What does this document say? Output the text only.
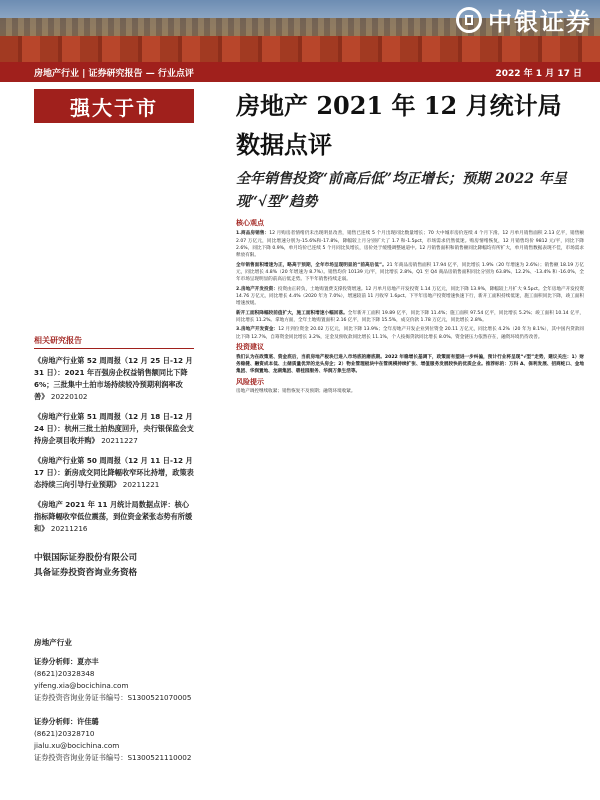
中银证券
房地产行业 | 证券研究报告 — 行业点评	2022 年 1 月 17 日
强大于市	房地产 2021 年 12 月统计局数据点评
全年销售投资“前高后低”均正增长；预期 2022 年呈现“√型”趋势
相关研究报告
《房地产行业第 52 周周报（12 月 25 日-12 月 31 日）：2021 年百强房企权益销售额同比下降 6%；三批集中土拍市场持续较冷预期利润率改善》 20220102
《房地产行业第 51 周周报（12 月 18 日-12 月 24 日）：杭州三批土拍热度回升，央行银保监会支持房企项目收并购》 20211227
《房地产行业第 50 周周报（12 月 11 日-12 月 17 日）：新房成交同比降幅收窄环比持增，政策表态持续三向引导行业预期》 20211221
《房地产 2021 年 11 月统计局数据点评：核心指标降幅收窄低位震荡，到位资金紧张态势有所缓和》 20211216
中银国际证券股份有限公司
具备证券投资咨询业务资格
房地产行业
证券分析师：夏亦丰
(8621)20328348
yifeng.xia@bocichina.com
证券投资咨询业务证书编号：S1300521070005
证券分析师：许佳璐
(8621)20328710
jialu.xu@bocichina.com
证券投资咨询业务证书编号：S1300521110002
核心观点

1.商品房销售：12 月购房者情绪仍未出现明显改善，销售已连续 5 个月出现同比数量增长；70 大中城市房价连续 4 个月下滑。12 月单月销售面积 2.13 亿平，销售额 2.07 万亿元，同比增速分别为-15.6%和-17.8%，降幅较上月分别扩大了 1.7 和-1.5pct，市场需求仍然低迷。购房情绪恢复，12 月销售均价 9812 元/平，同比下降 2.6%，同比下降 0.9%，单月均价已连续 5 个月同比负增长，房价处于缓慢调整通道中。12 月销售面积和销售额同比降幅均有所扩大，单月销售数据表现不佳，市场需求释放有限。

全年销售面积增速为正，略高于预期，全年市场呈现明显的“前高后低”。21 年商品房销售面积 17.94 亿平，同比增长 1.9%（20 年增速为 2.6%）；销售额 18.19 万亿元，同比增长 4.8%（20 年增速为 8.7%）。销售均价 10139 元/平，同比增长 2.8%。Q1 至 Q4 商品房销售面积同比分别为 63.8%、12.2%、-13.4% 和 -16.0%，全年市场呈现明显的前高后低走势。下半年销售持续走弱。

2.房地产开发投资：投资由正转负，土地购置费支撑投资增速。12 月单月房地产开发投资 1.14 万亿元，同比下降 13.9%，降幅较上月扩大 9.5pct。全年房地产开发投资 14.76 万亿元，同比增长 4.4%（2020 年为 7.0%），增速较前 11 月收窄 1.6pct。下半年房地产投资增速快速下行，新开工面积持续低迷，施工面积同比下降，竣工面积增速放缓。

新开工面积降幅较前值扩大，施工面积增速小幅回落。全年新开工面积 19.89 亿平，同比下降 11.4%；施工面积 97.54 亿平，同比增长 5.2%；竣工面积 10.14 亿平，同比增长 11.2%。拿地方面，全年土地购置面积 2.16 亿平，同比下降 15.5%，成交价款 1.78 万亿元，同比增长 2.8%。

3.房地产开发资金：12 月到位资金 20.02 万亿元，同比下降 13.9%；全年房地产开发企业到位资金 20.11 万亿元，同比增长 4.2%（20 年为 8.1%），其中国内贷款同比下降 12.7%，自筹资金同比增长 3.2%，定金及预收款同比增长 11.1%，个人按揭贷款同比增长 8.0%。资金链压力依然存在，融资环境仍待改善。

投资建议

我们认为在政策底、资金底后，当前房地产板块已进入市场底的磨底期。2022 年稳增长基调下，政策面有望进一步纠偏，预计行业将呈现“√型”走势，建议关注：1）财务稳健、融资成本低、土储质量优异的龙头房企；2）物业管理板块中在管规模持续扩张、增值服务发展较快的优质企业。推荐标的：万科 A、保利发展、招商蛇口、金地集团、华润置地、龙湖集团、碧桂园服务、华润万象生活等。

风险提示

房地产调控继续收紧；销售恢复不及预期；融资环境收紧。
